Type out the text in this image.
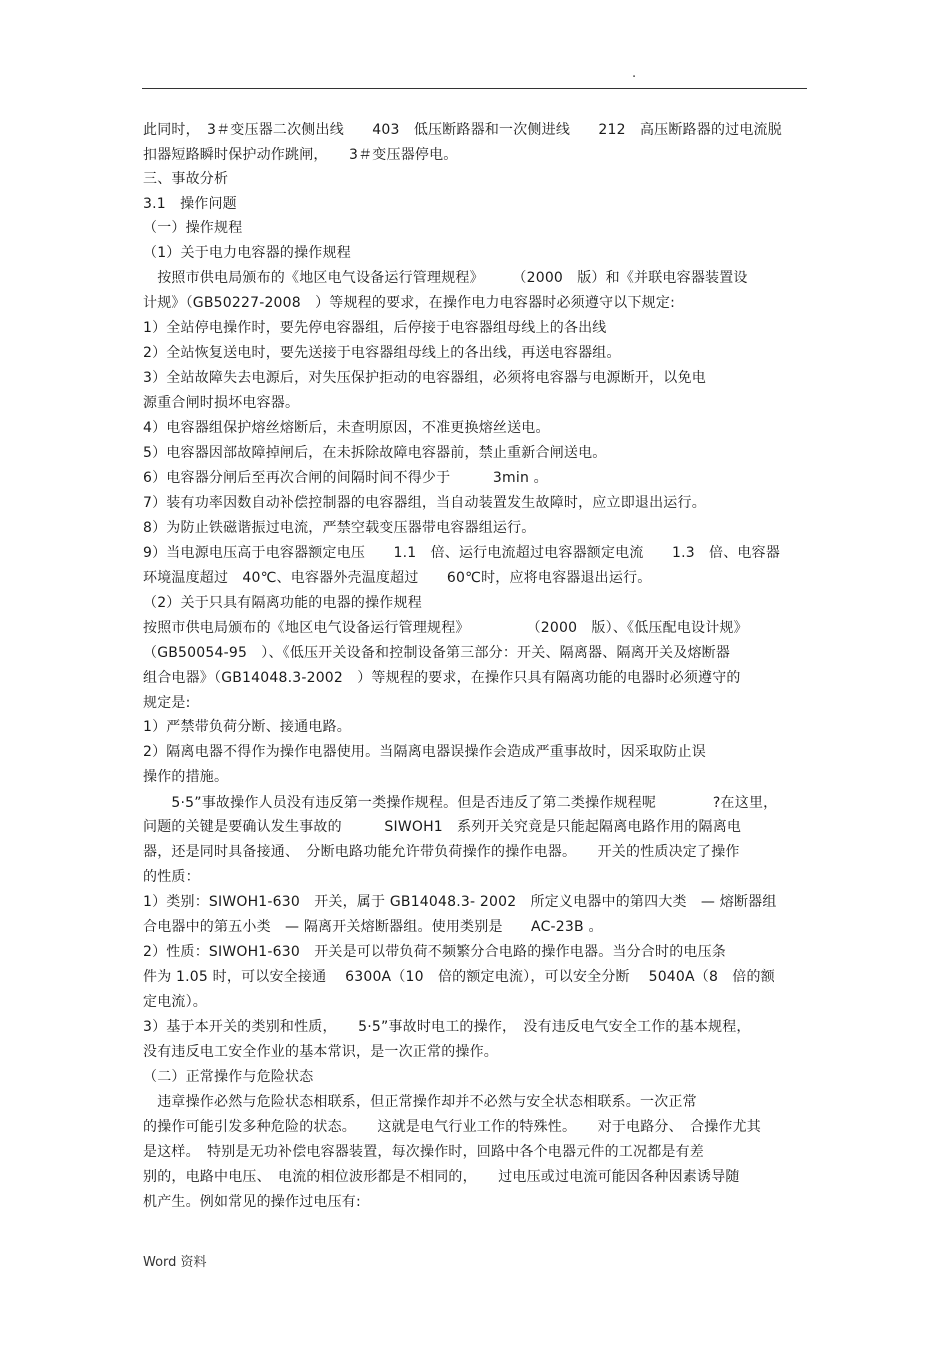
.
此同时，　3＃变压器二次侧出线　　403　低压断路器和一次侧进线　　212　高压断路器的过电流脱
扣器短路瞬时保护动作跳闸，　　3＃变压器停电。
三、事故分析
3.1　操作问题
（一）操作规程
（1）关于电力电容器的操作规程
　按照市供电局颁布的《地区电气设备运行管理规程》　　　（2000　版）和《并联电容器装置设
计规》（GB50227-2008　）等规程的要求，在操作电力电容器时必须遵守以下规定:
1）全站停电操作时，要先停电容器组，后停接于电容器组母线上的各出线
2）全站恢复送电时，要先送接于电容器组母线上的各出线，再送电容器组。
3）全站故障失去电源后，对失压保护拒动的电容器组，必须将电容器与电源断开，以免电
源重合闸时损坏电容器。
4）电容器组保护熔丝熔断后，未查明原因，不准更换熔丝送电。
5）电容器因部故障掉闸后，在未拆除故障电容器前，禁止重新合闸送电。
6）电容器分闸后至再次合闸的间隔时间不得少于　　　3min 。
7）装有功率因数自动补偿控制器的电容器组，当自动装置发生故障时，应立即退出运行。
8）为防止铁磁谐振过电流，严禁空载变压器带电容器组运行。
9）当电源电压高于电容器额定电压　　1.1　倍、运行电流超过电容器额定电流　　1.3　倍、电容器
环境温度超过　40℃、电容器外壳温度超过　　60℃时，应将电容器退出运行。
（2）关于只具有隔离功能的电器的操作规程
按照市供电局颁布的《地区电气设备运行管理规程》　　　　　（2000　版）、《低压配电设计规》
（GB50054-95　）、《低压开关设备和控制设备第三部分：开关、隔离器、隔离开关及熔断器
组合电器》（GB14048.3-2002　）等规程的要求，在操作只具有隔离功能的电器时必须遵守的
规定是:
1）严禁带负荷分断、接通电路。
2）隔离电器不得作为操作电器使用。当隔离电器误操作会造成严重事故时，因采取防止误
操作的措施。
　　5·5”事故操作人员没有违反第一类操作规程。但是否违反了第二类操作规程呢　　　　?在这里，
问题的关键是要确认发生事故的　　　SIWOH1　系列开关究竟是只能起隔离电路作用的隔离电
器，还是同时具备接通、　分断电路功能允许带负荷操作的操作电器。　　开关的性质决定了操作
的性质：
1）类别：SIWOH1-630　开关，属于 GB14048.3- 2002　所定义电器中的第四大类　— 熔断器组
合电器中的第五小类　— 隔离开关熔断器组。使用类别是　　AC-23B 。
2）性质：SIWOH1-630　开关是可以带负荷不频繁分合电路的操作电器。当分合时的电压条
件为 1.05 时，可以安全接通　 6300A（10　倍的额定电流），可以安全分断　 5040A（8　倍的额
定电流）。
3）基于本开关的类别和性质，　　5·5”事故时电工的操作，　没有违反电气安全工作的基本规程，
没有违反电工安全作业的基本常识，是一次正常的操作。
（二）正常操作与危险状态
　违章操作必然与危险状态相联系，但正常操作却并不必然与安全状态相联系。一次正常
的操作可能引发多种危险的状态。　　这就是电气行业工作的特殊性。　　对于电路分、　合操作尤其
是这样。　特别是无功补偿电容器装置，每次操作时，回路中各个电器元件的工况都是有差
别的，电路中电压、　电流的相位波形都是不相同的，　　过电压或过电流可能因各种因素诱导随
机产生。例如常见的操作过电压有:
Word 资料
